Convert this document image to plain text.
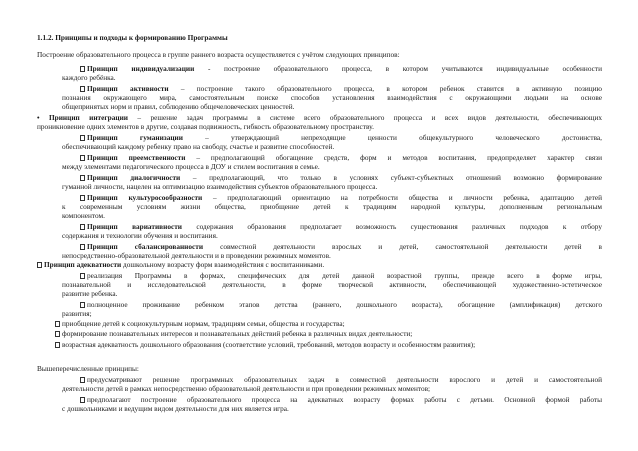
1.1.2. Принципы и подходы к формированию Программы
Построение образовательного процесса в группе раннего возраста осуществляется с учётом следующих принципов:
Принцип индивидуализации - построение образовательного процесса, в котором учитываются индивидуальные особенности
каждого ребёнка.
Принцип активности – построение такого образовательного процесса, в котором ребенок ставится в активную позицию
познания окружающего мира, самостоятельным поиске способов установления взаимодействия с окружающими людьми на основе
общепринятых норм и правил, соблюдению общечеловеческих ценностей.
• Принцип интеграции – решение задач программы в системе всего образовательного процесса и всех видов деятельности, обеспечивающих
проникновение одних элементов в другие, создавая подвижность, гибкость образовательному пространству.
Принцип гуманизации – утверждающий непреходящие ценности общекультурного человеческого достоинства,
обеспечивающий каждому ребенку право на свободу, счастье и развитие способностей.
Принцип преемственности – предполагающий обогащение средств, форм и методов воспитания, предопределяет характер связи
между элементами педагогического процесса в ДОУ и стилем воспитания в семье.
Принцип диалогичности – предполагающий, что только в условиях субъект-субъектных отношений возможно формирование
гуманной личности, нацелен на оптимизацию взаимодействия субъектов образовательного процесса.
Принцип культуросообразности – предполагающий ориентацию на потребности общества и личности ребенка, адаптацию детей
к современным условиям жизни общества, приобщение детей к традициям народной культуры, дополненным региональным
компонентом.
Принцип вариативности содержания образования предполагает возможность существования различных подходов к отбору
содержания и технологии обучения и воспитания.
Принцип сбалансированности совместной деятельности взрослых и детей, самостоятельной деятельности детей в
непосредственно-образовательной деятельности и в проведении режимных моментов.
Принцип адекватности дошкольному возрасту форм взаимодействия с воспитанниками.
реализация Программы в формах, специфических для детей данной возрастной группы, прежде всего в форме игры,
познавательной и исследовательской деятельности, в форме творческой активности, обеспечивающей художественно-эстетическое
развитие ребенка.
полноценное проживание ребенком этапов детства (раннего, дошкольного возраста), обогащение (амплификация) детского
развития;
приобщение детей к социокультурным нормам, традициям семьи, общества и государства;
формирование познавательных интересов и познавательных действий ребенка в различных видах деятельности;
возрастная адекватность дошкольного образования (соответствие условий, требований, методов возрасту и особенностям развития);
Вышеперечисленные принципы:
предусматривают решение программных образовательных задач в совместной деятельности взрослого и детей и самостоятельной
деятельности детей в рамках непосредственно образовательной деятельности и при проведении режимных моментов;
предполагают построение образовательного процесса на адекватных возрасту формах работы с детьми. Основной формой работы
с дошкольниками и ведущим видом деятельности для них является игра.
